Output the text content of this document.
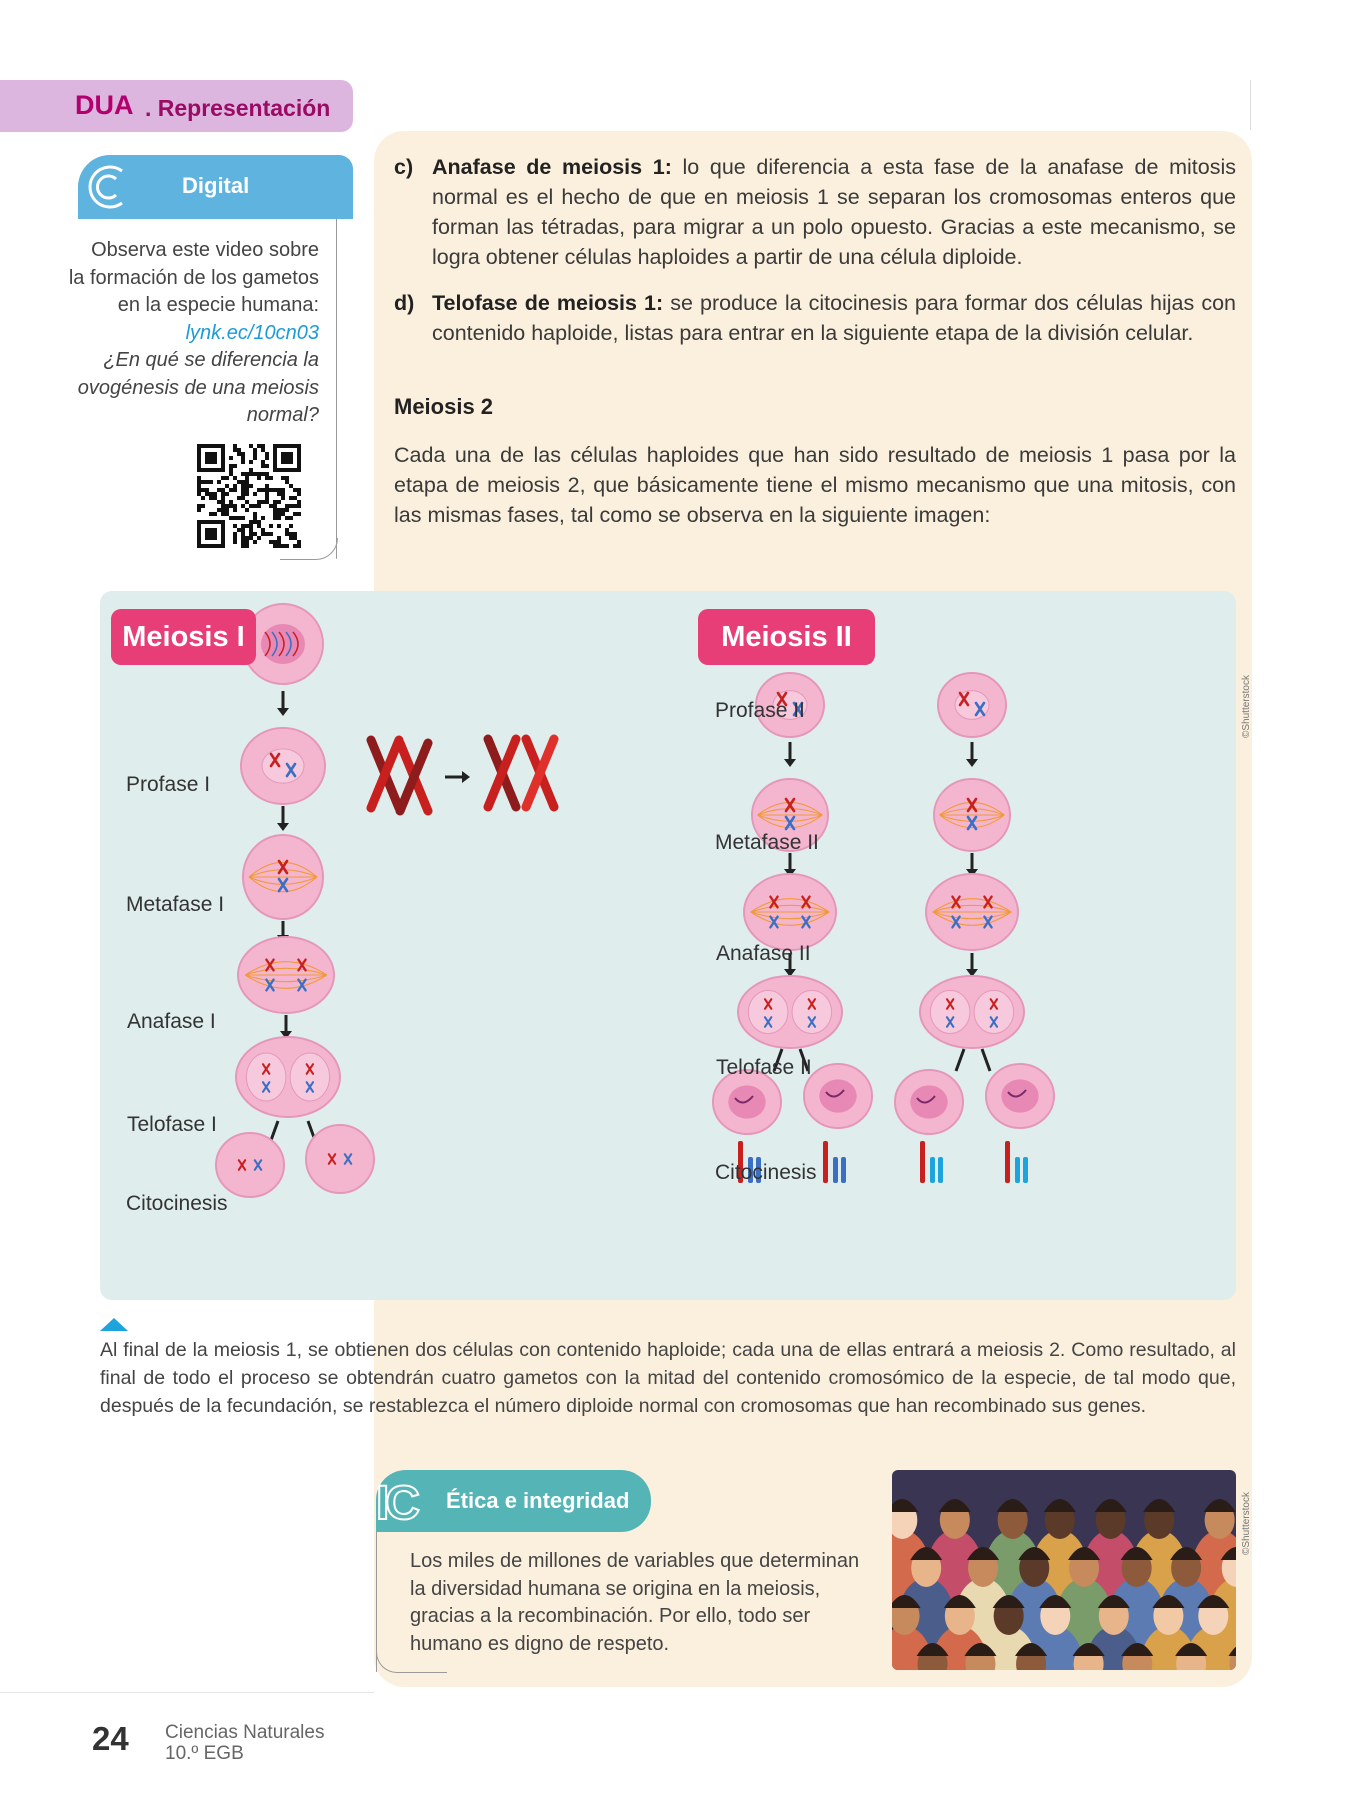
DUA . Representación
Digital
Observa este video sobre
la formación de los gametos
en la especie humana:
lynk.ec/10cn03
¿En qué se diferencia la
ovogénesis de una meiosis
normal?
c) Anafase de meiosis 1: lo que diferencia a esta fase de la anafase de mitosis normal es el hecho de que en meiosis 1 se separan los cromosomas enteros que forman las tétradas, para migrar a un polo opuesto. Gracias a este mecanismo, se logra obtener células haploides a partir de una célula diploide.
d) Telofase de meiosis 1: se produce la citocinesis para formar dos células hijas con contenido haploide, listas para entrar en la siguiente etapa de la división celular.
Meiosis 2
Cada una de las células haploides que han sido resultado de meiosis 1 pasa por la etapa de meiosis 2, que básicamente tiene el mismo mecanismo que una mitosis, con las mismas fases, tal como se observa en la siguiente imagen:
Meiosis I	Meiosis II
Profase I
Metafase I
Anafase I
Telofase I
Citocinesis
Profase II
Metafase II
Anafase II
Telofase II
Citocinesis
©Shutterstock
Al final de la meiosis 1, se obtienen dos células con contenido haploide; cada una de ellas entrará a meiosis 2. Como resultado, al final de todo el proceso se obtendrán cuatro gametos con la mitad del contenido cromosómico de la especie, de tal modo que, después de la fecundación, se restablezca el número diploide normal con cromosomas que han recombinado sus genes.
IC Ética e integridad
Los miles de millones de variables que determinan la diversidad humana se origina en la meiosis, gracias a la recombinación. Por ello, todo ser humano es digno de respeto.
©Shutterstock
24 Ciencias Naturales
10.º EGB
